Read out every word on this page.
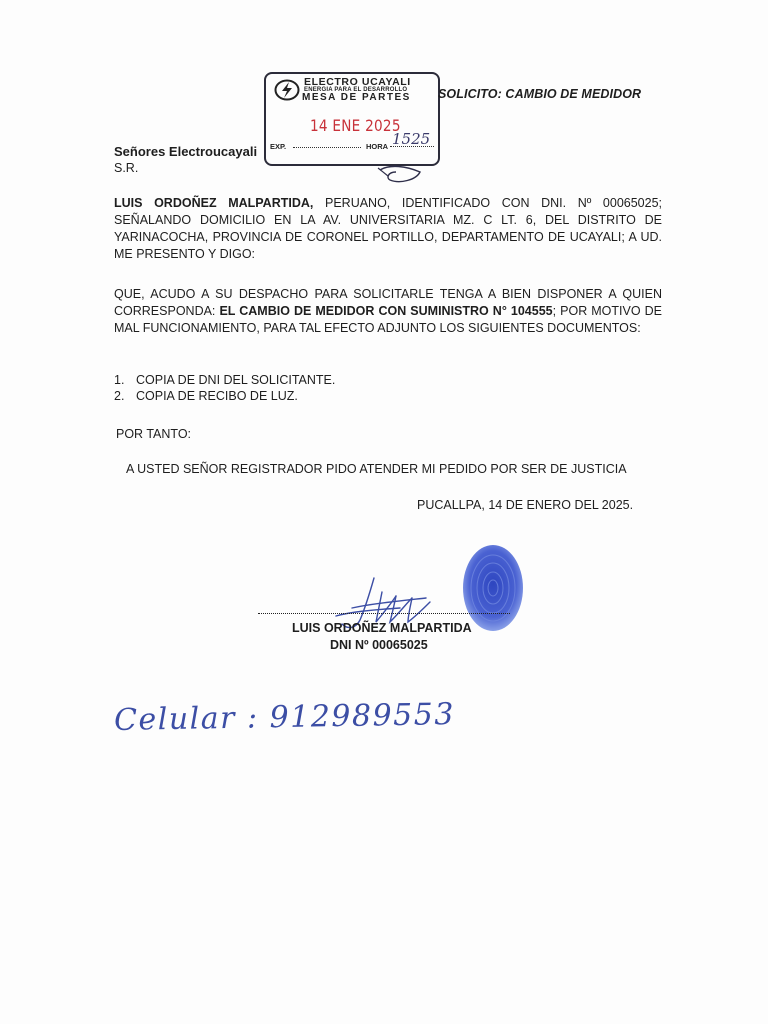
ELECTRO UCAYALI
ENERGIA PARA EL DESARROLLO
MESA DE PARTES
14 ENE 2025
EXP.	HORA 1525
SOLICITO: CAMBIO DE MEDIDOR
Señores Electroucayali
S.R.

LUIS ORDOÑEZ MALPARTIDA, PERUANO, IDENTIFICADO CON DNI. Nº 00065025; SEÑALANDO DOMICILIO EN LA AV. UNIVERSITARIA MZ. C LT. 6, DEL DISTRITO DE YARINACOCHA, PROVINCIA DE CORONEL PORTILLO, DEPARTAMENTO DE UCAYALI; A UD. ME PRESENTO Y DIGO:

QUE, ACUDO A SU DESPACHO PARA SOLICITARLE TENGA A BIEN DISPONER A QUIEN CORRESPONDA: EL CAMBIO DE MEDIDOR CON SUMINISTRO N° 104555; POR MOTIVO DE MAL FUNCIONAMIENTO, PARA TAL EFECTO ADJUNTO LOS SIGUIENTES DOCUMENTOS:

1. COPIA DE DNI DEL SOLICITANTE.
2. COPIA DE RECIBO DE LUZ.
POR TANTO:
A USTED SEÑOR REGISTRADOR PIDO ATENDER MI PEDIDO POR SER DE JUSTICIA
PUCALLPA, 14 DE ENERO DEL 2025.
LUIS ORDOÑEZ MALPARTIDA
DNI Nº 00065025
Celular : 912989553
